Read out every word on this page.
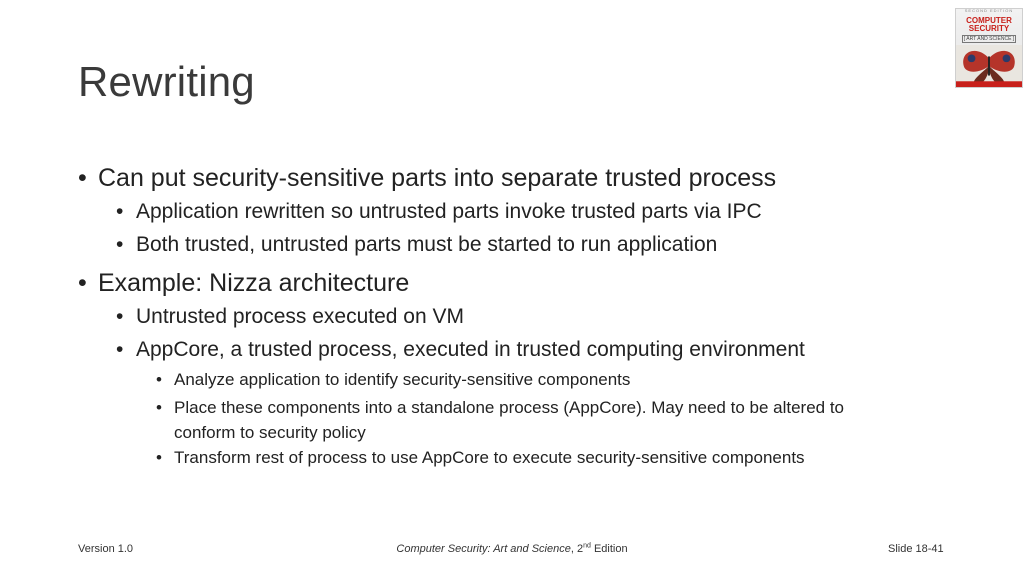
Rewriting
SECOND EDITION
COMPUTER
SECURITY
[ ART AND SCIENCE ]
• Can put security-sensitive parts into separate trusted process
• Application rewritten so untrusted parts invoke trusted parts via IPC
• Both trusted, untrusted parts must be started to run application
• Example: Nizza architecture
• Untrusted process executed on VM
• AppCore, a trusted process, executed in trusted computing environment
• Analyze application to identify security-sensitive components
• Place these components into a standalone process (AppCore). May need to be altered to
conform to security policy
• Transform rest of process to use AppCore to execute security-sensitive components
Version 1.0	Computer Security: Art and Science, 2nd Edition	Slide 18-41
